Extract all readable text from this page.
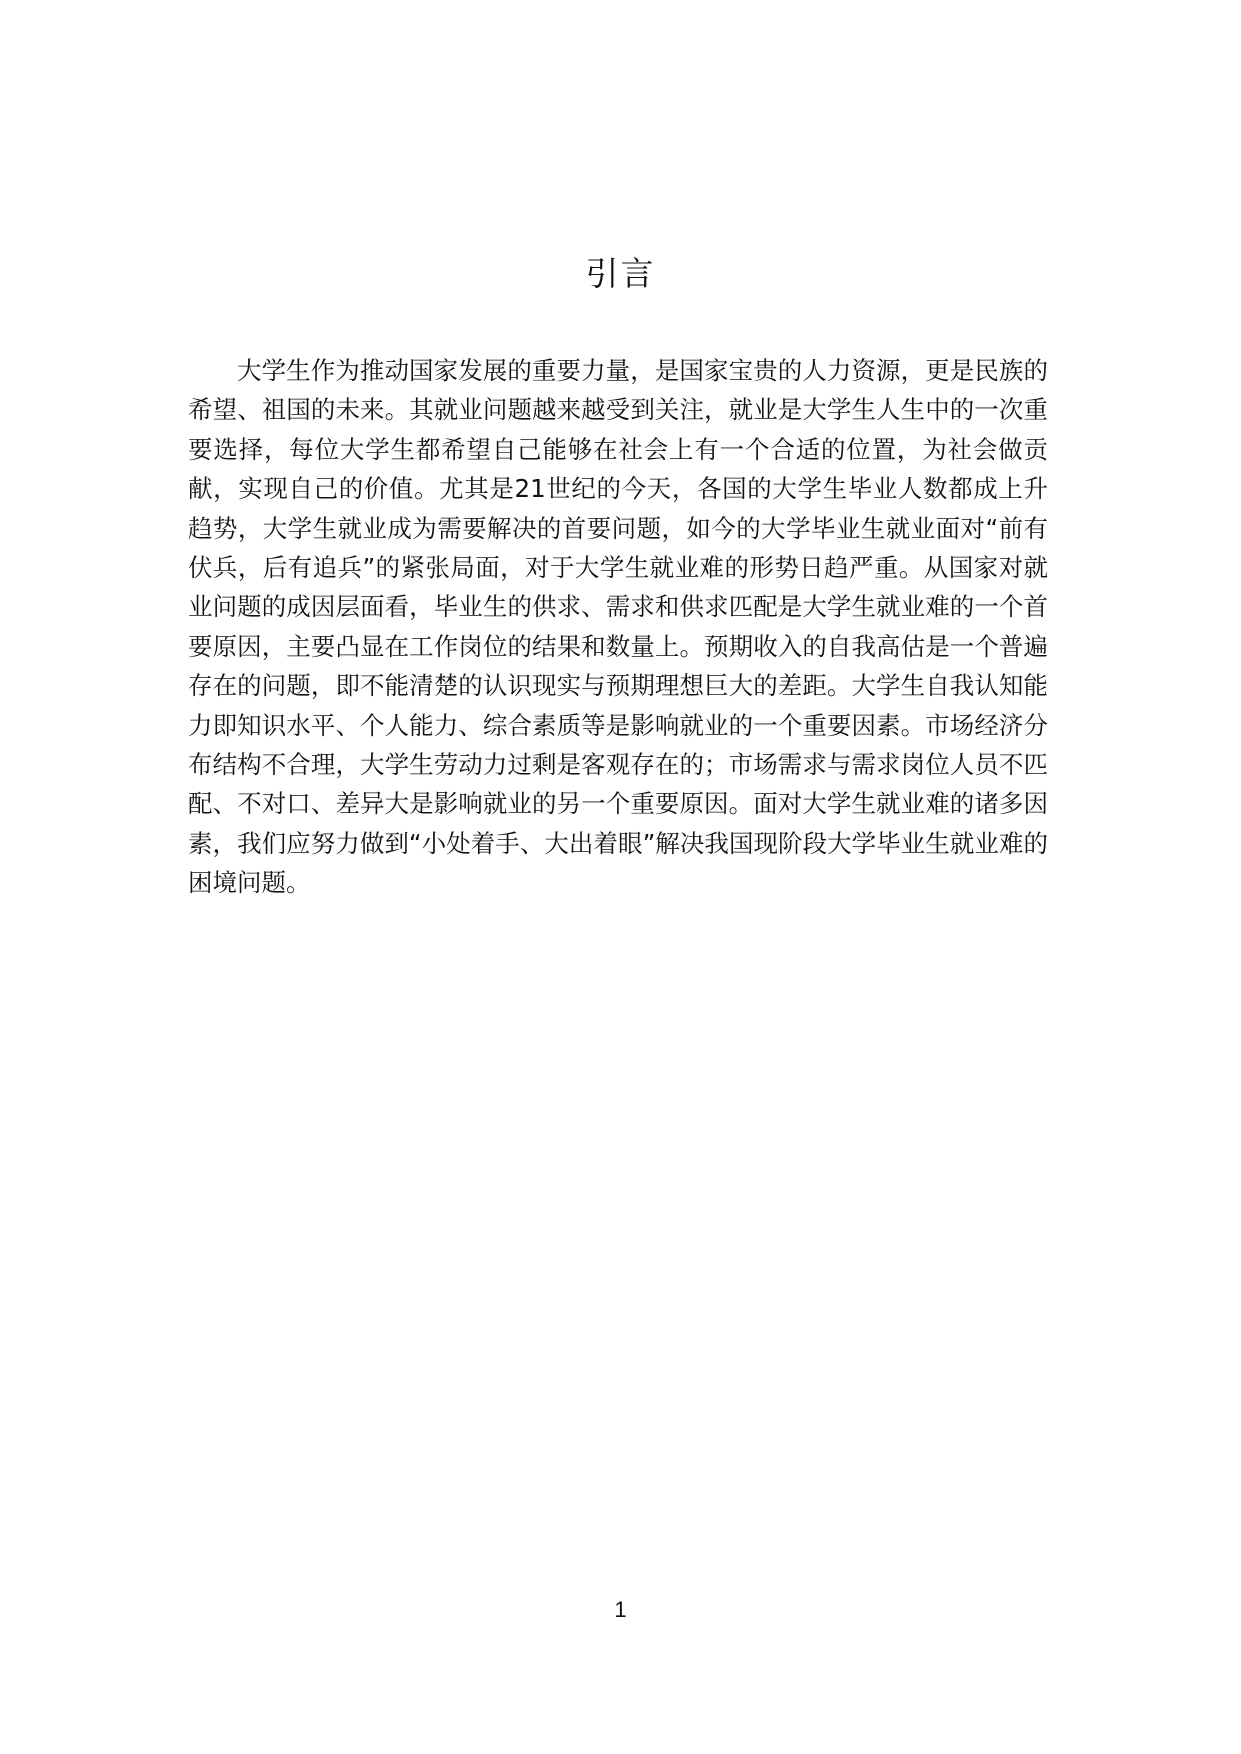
引言

大学生作为推动国家发展的重要力量，是国家宝贵的人力资源，更是民族的希望、祖国的未来。其就业问题越来越受到关注，就业是大学生人生中的一次重要选择，每位大学生都希望自己能够在社会上有一个合适的位置，为社会做贡献，实现自己的价值。尤其是21世纪的今天，各国的大学生毕业人数都成上升趋势，大学生就业成为需要解决的首要问题，如今的大学毕业生就业面对“前有伏兵，后有追兵”的紧张局面，对于大学生就业难的形势日趋严重。从国家对就业问题的成因层面看，毕业生的供求、需求和供求匹配是大学生就业难的一个首要原因，主要凸显在工作岗位的结果和数量上。预期收入的自我高估是一个普遍存在的问题，即不能清楚的认识现实与预期理想巨大的差距。大学生自我认知能力即知识水平、个人能力、综合素质等是影响就业的一个重要因素。市场经济分布结构不合理，大学生劳动力过剩是客观存在的；市场需求与需求岗位人员不匹配、不对口、差异大是影响就业的另一个重要原因。面对大学生就业难的诸多因素，我们应努力做到“小处着手、大出着眼”解决我国现阶段大学毕业生就业难的困境问题。

1
